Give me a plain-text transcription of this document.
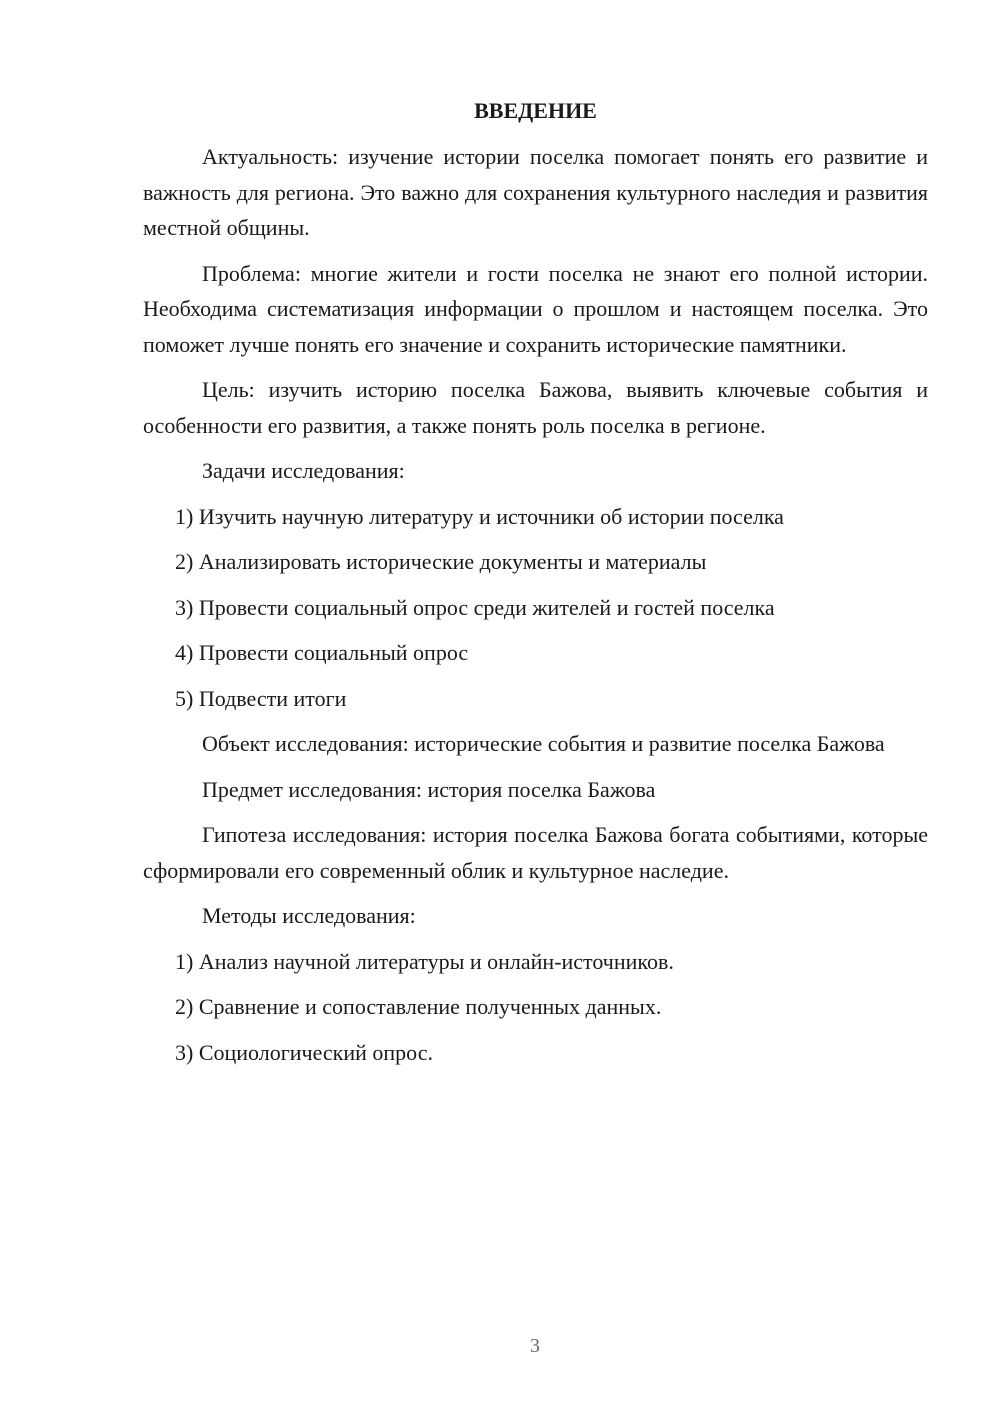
ВВЕДЕНИЕ

Актуальность: изучение истории поселка помогает понять его развитие и важность для региона. Это важно для сохранения культурного наследия и развития местной общины.

Проблема: многие жители и гости поселка не знают его полной истории. Необходима систематизация информации о прошлом и настоящем поселка. Это поможет лучше понять его значение и сохранить исторические памятники.

Цель: изучить историю поселка Бажова, выявить ключевые события и особенности его развития, а также понять роль поселка в регионе.

Задачи исследования:

1) Изучить научную литературу и источники об истории поселка

2) Анализировать исторические документы и материалы

3) Провести социальный опрос среди жителей и гостей поселка

4) Провести социальный опрос

5) Подвести итоги

Объект исследования: исторические события и развитие поселка Бажова

Предмет исследования: история поселка Бажова

Гипотеза исследования: история поселка Бажова богата событиями, которые сформировали его современный облик и культурное наследие.

Методы исследования:

1) Анализ научной литературы и онлайн-источников.

2) Сравнение и сопоставление полученных данных.

3) Социологический опрос.

3
